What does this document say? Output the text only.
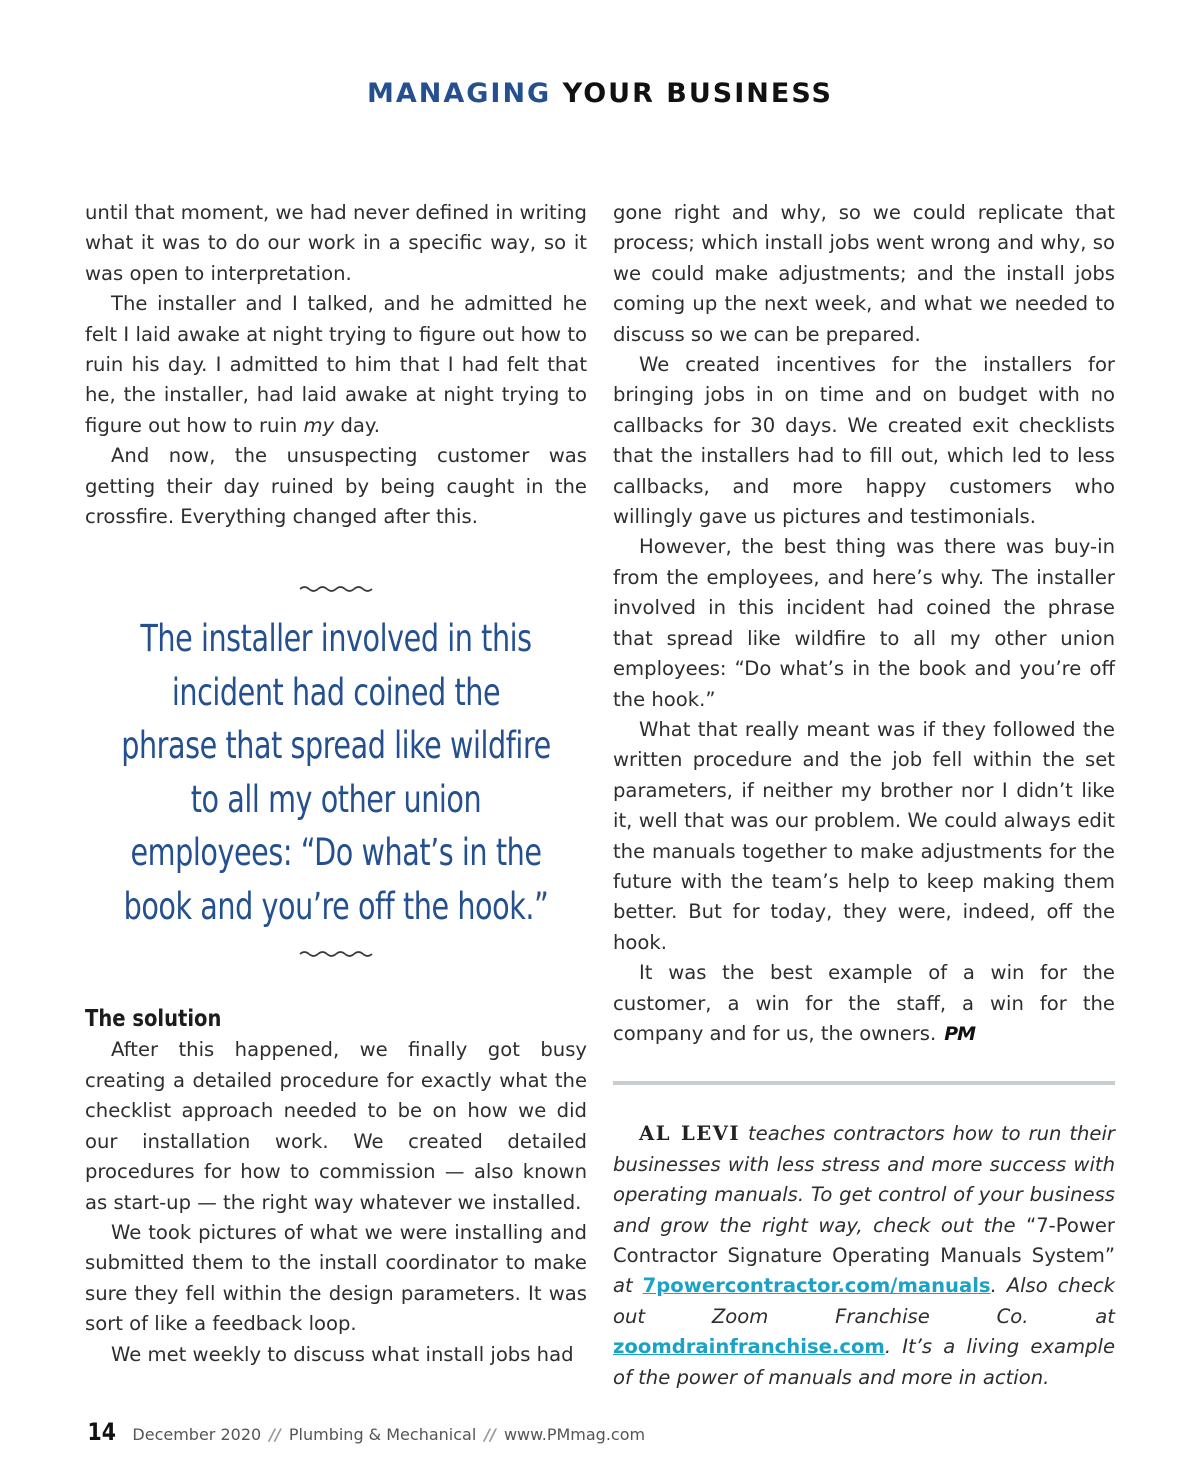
MANAGING YOUR BUSINESS

until that moment, we had never defined in writing what it was to do our work in a specific way, so it was open to interpretation.

The installer and I talked, and he admitted he felt I laid awake at night trying to figure out how to ruin his day. I admitted to him that I had felt that he, the installer, had laid awake at night trying to figure out how to ruin my day.

And now, the unsuspecting customer was getting their day ruined by being caught in the crossfire. Everything changed after this.

The installer involved in this incident had coined the phrase that spread like wildfire to all my other union employees: “Do what’s in the book and you’re off the hook.”
The solution

After this happened, we finally got busy creating a detailed procedure for exactly what the checklist approach needed to be on how we did our installation work. We created detailed procedures for how to commission — also known as start-up — the right way whatever we installed.

We took pictures of what we were installing and submitted them to the install coordinator to make sure they fell within the design parameters. It was sort of like a feedback loop.

We met weekly to discuss what install jobs had

gone right and why, so we could replicate that process; which install jobs went wrong and why, so we could make adjustments; and the install jobs coming up the next week, and what we needed to discuss so we can be prepared.

We created incentives for the installers for bringing jobs in on time and on budget with no callbacks for 30 days. We created exit checklists that the installers had to fill out, which led to less callbacks, and more happy customers who willingly gave us pictures and testimonials.

However, the best thing was there was buy-in from the employees, and here’s why. The installer involved in this incident had coined the phrase that spread like wildfire to all my other union employees: “Do what’s in the book and you’re off the hook.”

What that really meant was if they followed the written procedure and the job fell within the set parameters, if neither my brother nor I didn’t like it, well that was our problem. We could always edit the manuals together to make adjustments for the future with the team’s help to keep making them better. But for today, they were, indeed, off the hook.

It was the best example of a win for the customer, a win for the staff, a win for the company and for us, the owners. PM

AL LEVI teaches contractors how to run their businesses with less stress and more success with operating manuals. To get control of your business and grow the right way, check out the “7-Power Contractor Signature Operating Manuals System” at 7powercontractor.com/manuals. Also check out Zoom Franchise Co. at zoomdrainfranchise.com. It’s a living example of the power of manuals and more in action.

14 December 2020 // Plumbing & Mechanical // www.PMmag.com
